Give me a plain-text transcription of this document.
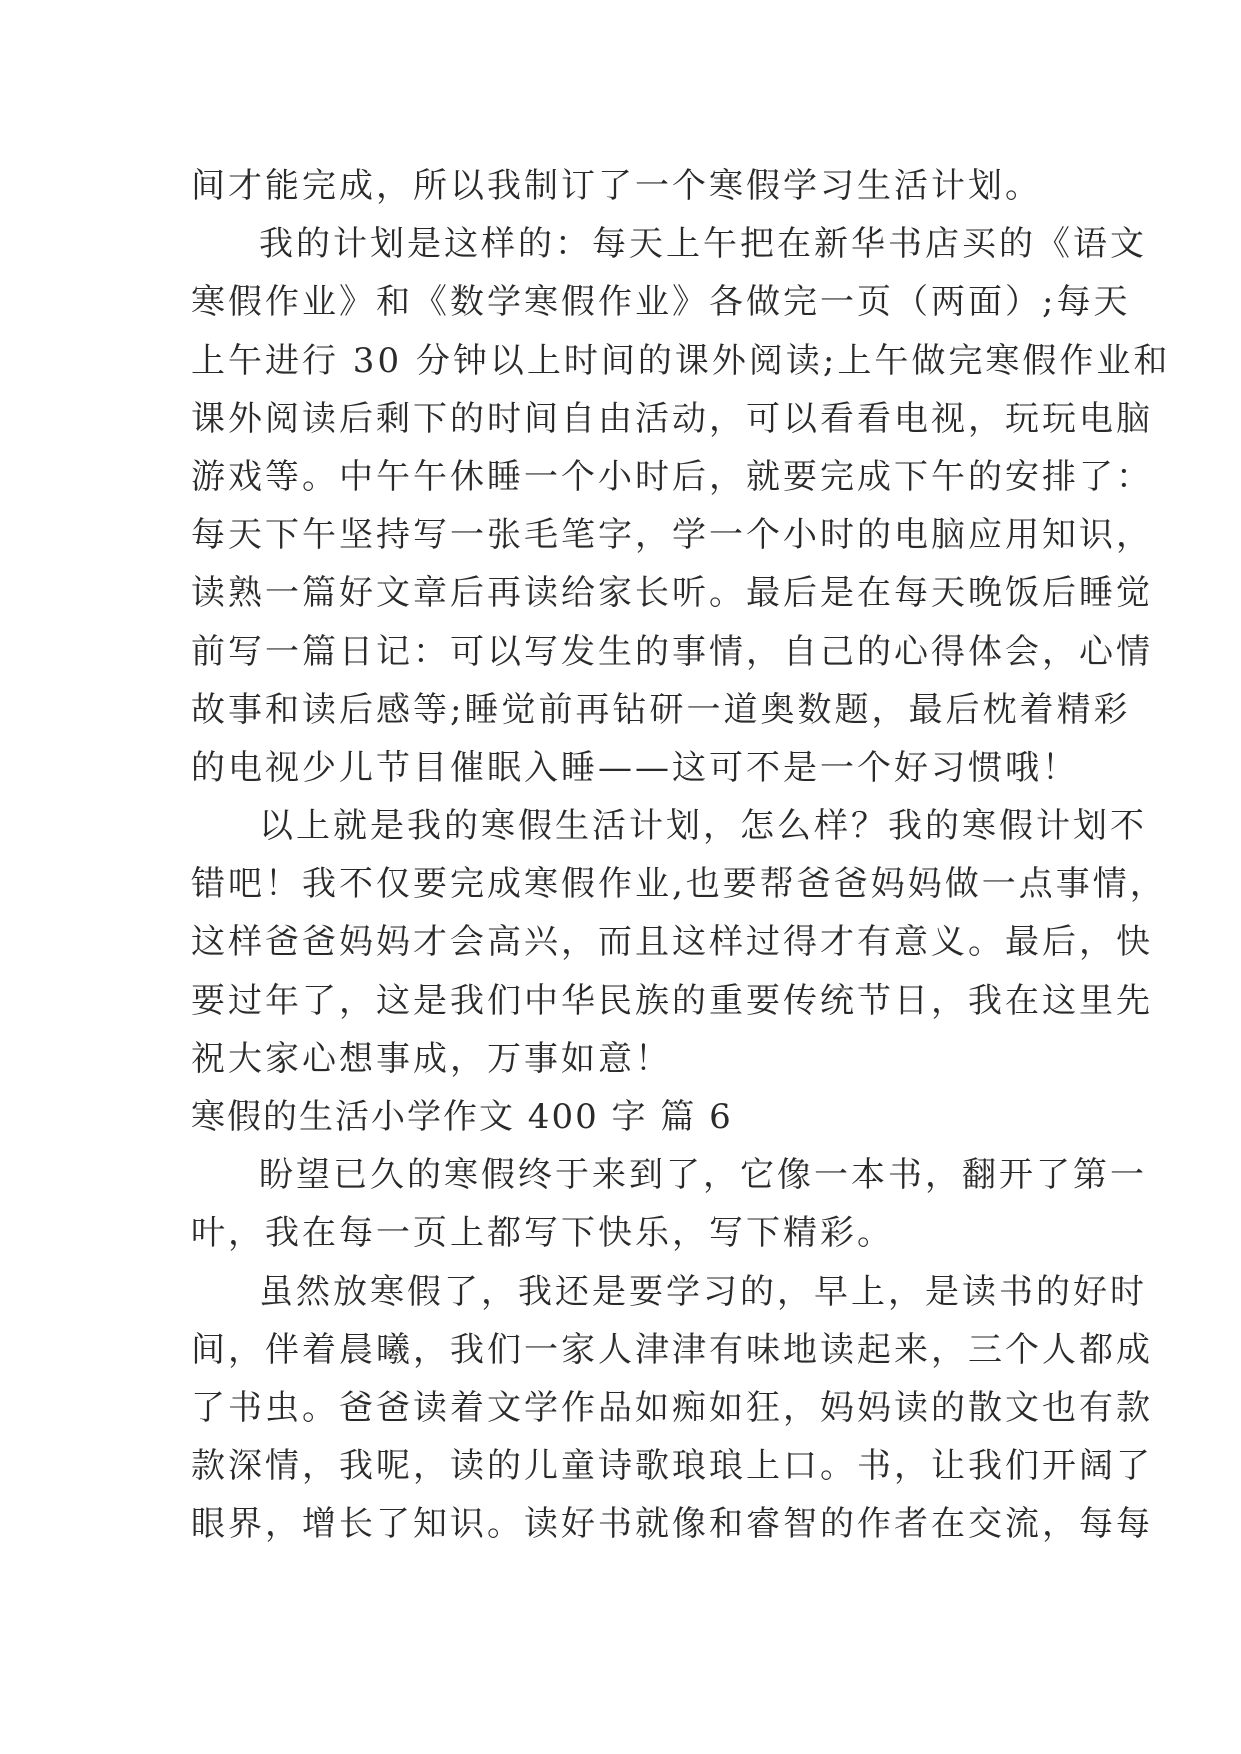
间才能完成，所以我制订了一个寒假学习生活计划。
我的计划是这样的：每天上午把在新华书店买的《语文
寒假作业》和《数学寒假作业》各做完一页（两面）;每天
上午进行 30 分钟以上时间的课外阅读;上午做完寒假作业和
课外阅读后剩下的时间自由活动，可以看看电视，玩玩电脑
游戏等。中午午休睡一个小时后，就要完成下午的安排了：
每天下午坚持写一张毛笔字，学一个小时的电脑应用知识，
读熟一篇好文章后再读给家长听。最后是在每天晚饭后睡觉
前写一篇日记：可以写发生的事情，自己的心得体会，心情
故事和读后感等;睡觉前再钻研一道奥数题，最后枕着精彩
的电视少儿节目催眠入睡——这可不是一个好习惯哦！
以上就是我的寒假生活计划，怎么样？我的寒假计划不
错吧！我不仅要完成寒假作业,也要帮爸爸妈妈做一点事情，
这样爸爸妈妈才会高兴，而且这样过得才有意义。最后，快
要过年了，这是我们中华民族的重要传统节日，我在这里先
祝大家心想事成，万事如意！
寒假的生活小学作文 400 字 篇 6
盼望已久的寒假终于来到了，它像一本书，翻开了第一
叶，我在每一页上都写下快乐，写下精彩。
虽然放寒假了，我还是要学习的，早上，是读书的好时
间，伴着晨曦，我们一家人津津有味地读起来，三个人都成
了书虫。爸爸读着文学作品如痴如狂，妈妈读的散文也有款
款深情，我呢，读的儿童诗歌琅琅上口。书，让我们开阔了
眼界，增长了知识。读好书就像和睿智的作者在交流，每每
